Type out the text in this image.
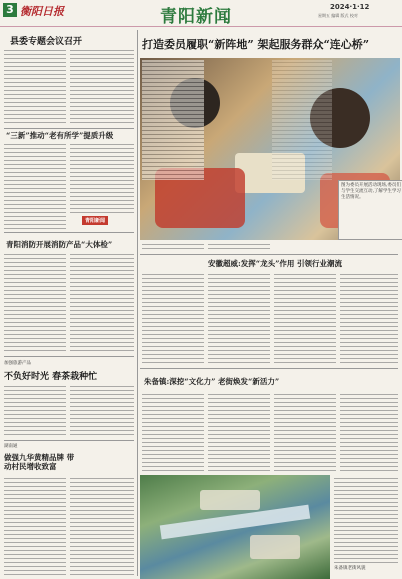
3 衡阳日报	青阳新闻	2024·1·12
星期五 编辑 版式 校对
县委专题会议召开
“三新”推动“老有所学”提质升级
青阳新闻
青阳消防开展消防产品“大体检”
加强旅游产品
不负好时光 春茶栽种忙
湖南通
做强九华黄精品牌 带动村民增收致富
打造委员履职“新阵地” 架起服务群众“连心桥”
图为委员开展活动现场,委员们与学生交流互动,了解学生学习生活情况。
安徽超威:发挥“龙头”作用 引领行业潮流
朱备镇:深挖“文化力” 老街焕发“新活力”
朱备镇老街风貌
